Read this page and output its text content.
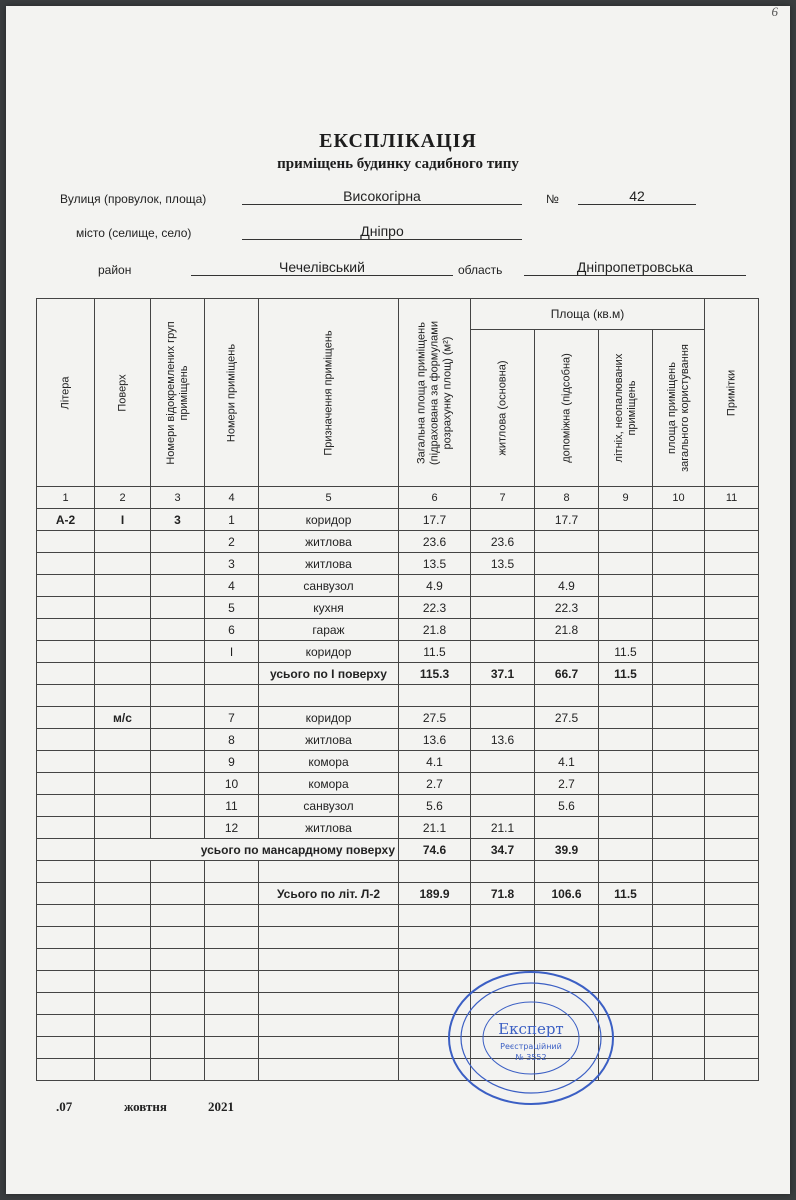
6
ЕКСПЛІКАЦІЯ
приміщень будинку садибного типу
Вулиця (провулок, площа)	Високогірна	№	42
місто (селище, село)	Дніпро
район	Чечелівський	область	Дніпропетровська
Літера	Поверх	Номери відокремлених груп приміщень	Номери приміщень	Призначення приміщень	Загальна площа приміщень (підрахована за формулами розрахунку площ) (м²)	Площа (кв.м)				Примітки

						житлова (основна)	допоміжна (підсобна)	літніх, неопалюваних приміщень	площа приміщень загального користування	

1	2	3	4	5	6	7	8	9	10	11
А-2	І	3	1	коридор	17.7		17.7			
			2	житлова	23.6	23.6				
			3	житлова	13.5	13.5				
			4	санвузол	4.9		4.9			
			5	кухня	22.3		22.3			
			6	гараж	21.8		21.8			
			І	коридор	11.5			11.5		
				усього по І поверху	115.3	37.1	66.7	11.5		

	м/с		7	коридор	27.5		27.5			
			8	житлова	13.6	13.6				
			9	комора	4.1		4.1			
			10	комора	2.7		2.7			
			11	санвузол	5.6		5.6			
			12	житлова	21.1	21.1				
	усього по мансардному поверху				74.6	34.7	39.9			

				Усього по літ. Л-2	189.9	71.8	106.6	11.5		

.07	жовтня	2021
Експерт
Реєстраційний
№ 3552
